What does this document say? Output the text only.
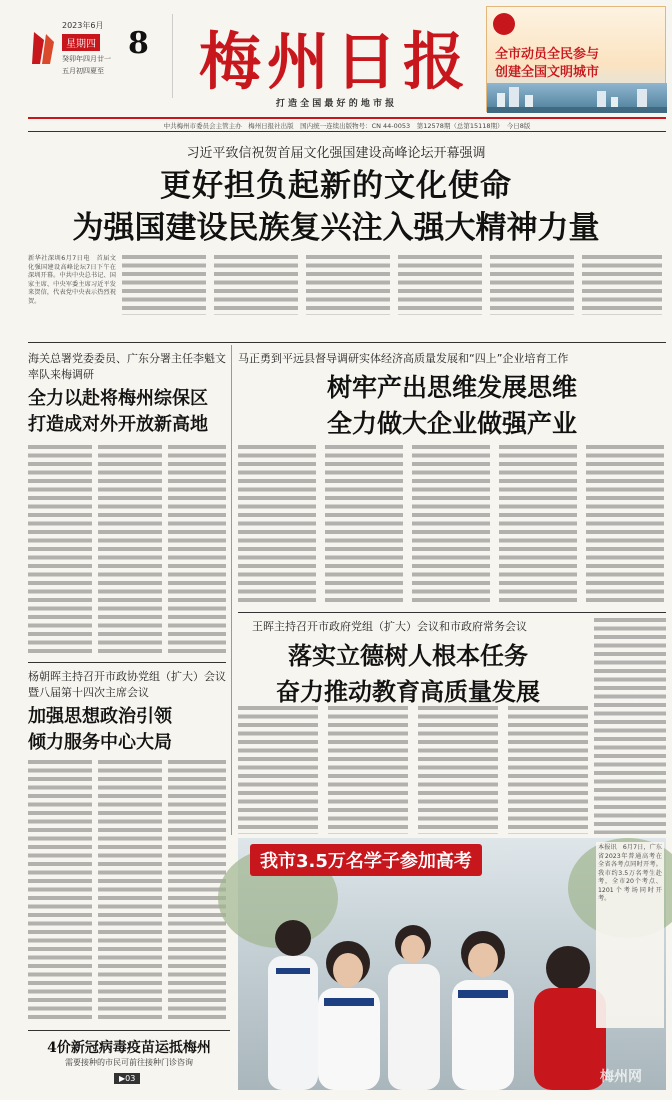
2023年6月
星期四
癸卯年四月廿一
五月初四夏至
8 梅州日报
打 造 全 国 最 好 的 地 市 报
全市动员全民参与
创建全国文明城市
中共梅州市委员会主管主办　梅州日报社出版　国内统一连续出版物号：CN 44-0053　第12578期（总第15118期）　今日8版
习近平致信祝贺首届文化强国建设高峰论坛开幕强调
更好担负起新的文化使命
为强国建设民族复兴注入强大精神力量
新华社深圳6月7日电　首届文化强国建设高峰论坛7日下午在深圳开幕。中共中央总书记、国家主席、中央军委主席习近平发来贺信，代表党中央表示热烈祝贺。
海关总署党委委员、广东分署主任李魁文
率队来梅调研
全力以赴将梅州综保区
打造成对外开放新高地
马正勇到平远县督导调研实体经济高质量发展和“四上”企业培育工作
树牢产出思维发展思维
全力做大企业做强产业
王晖主持召开市政府党组（扩大）会议和市政府常务会议
落实立德树人根本任务
奋力推动教育高质量发展
杨朝晖主持召开市政协党组（扩大）会议
暨八届第十四次主席会议
加强思想政治引领
倾力服务中心大局
我市3.5万名学子参加高考
梅州网
本报讯　6月7日，广东省2023年普通高考在全省各考点同时开考。我市约3.5万名考生赴考，全市20个考点、1201个考场同时开考。
4价新冠病毒疫苗运抵梅州
需要接种的市民可前往接种门诊咨询
▶03
